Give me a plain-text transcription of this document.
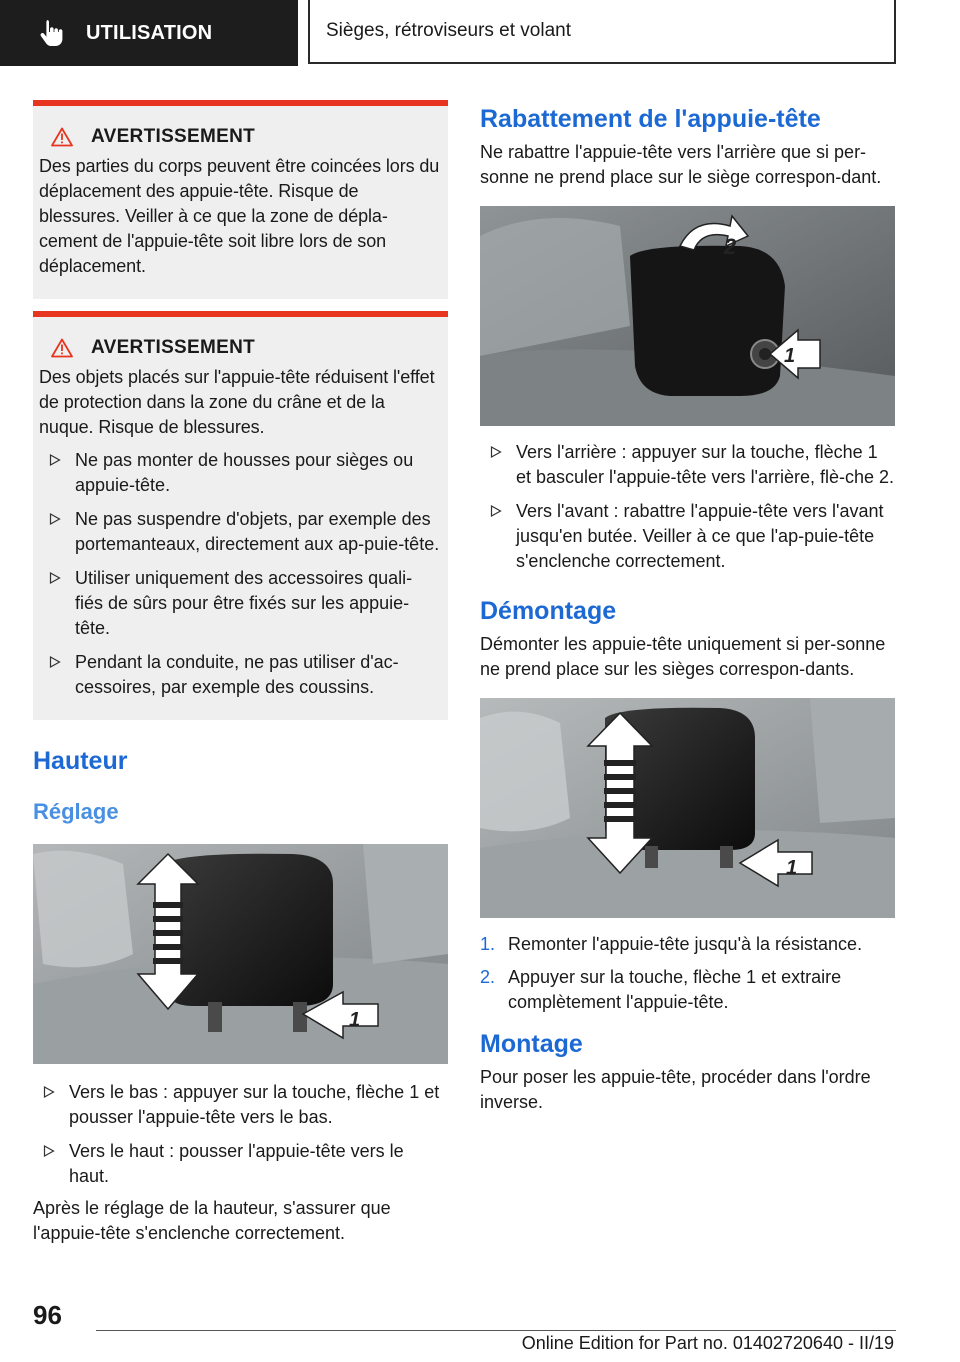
UTILISATION	Sièges, rétroviseurs et volant
AVERTISSEMENT

Des parties du corps peuvent être coincées lors du déplacement des appuie-tête. Risque de blessures. Veiller à ce que la zone de dépla‐cement de l'appuie-tête soit libre lors de son déplacement.

AVERTISSEMENT

Des objets placés sur l'appuie-tête réduisent l'effet de protection dans la zone du crâne et de la nuque. Risque de blessures.

Ne pas monter de housses pour sièges ou appuie-tête.
Ne pas suspendre d'objets, par exemple des portemanteaux, directement aux ap‐puie-tête.
Utiliser uniquement des accessoires quali‐fiés de sûrs pour être fixés sur les appuie-tête.
Pendant la conduite, ne pas utiliser d'ac‐cessoires, par exemple des coussins.
Hauteur
Réglage
1
Vers le bas : appuyer sur la touche, flèche 1 et pousser l'appuie-tête vers le bas.
Vers le haut : pousser l'appuie-tête vers le haut.

Après le réglage de la hauteur, s'assurer que l'appuie-tête s'enclenche correctement.

Rabattement de l'appuie-tête

Ne rabattre l'appuie-tête vers l'arrière que si per‐sonne ne prend place sur le siège correspon‐dant.

2
1
Vers l'arrière : appuyer sur la touche, flèche 1 et basculer l'appuie-tête vers l'arrière, flè‐che 2.
Vers l'avant : rabattre l'appuie-tête vers l'avant jusqu'en butée. Veiller à ce que l'ap‐puie-tête s'enclenche correctement.
Démontage

Démonter les appuie-tête uniquement si per‐sonne ne prend place sur les sièges correspon‐dants.

1
1. Remonter l'appuie-tête jusqu'à la résistance.
2. Appuyer sur la touche, flèche 1 et extraire complètement l'appuie-tête.
Montage

Pour poser les appuie-tête, procéder dans l'ordre inverse.

96
Online Edition for Part no. 01402720640 - II/19
